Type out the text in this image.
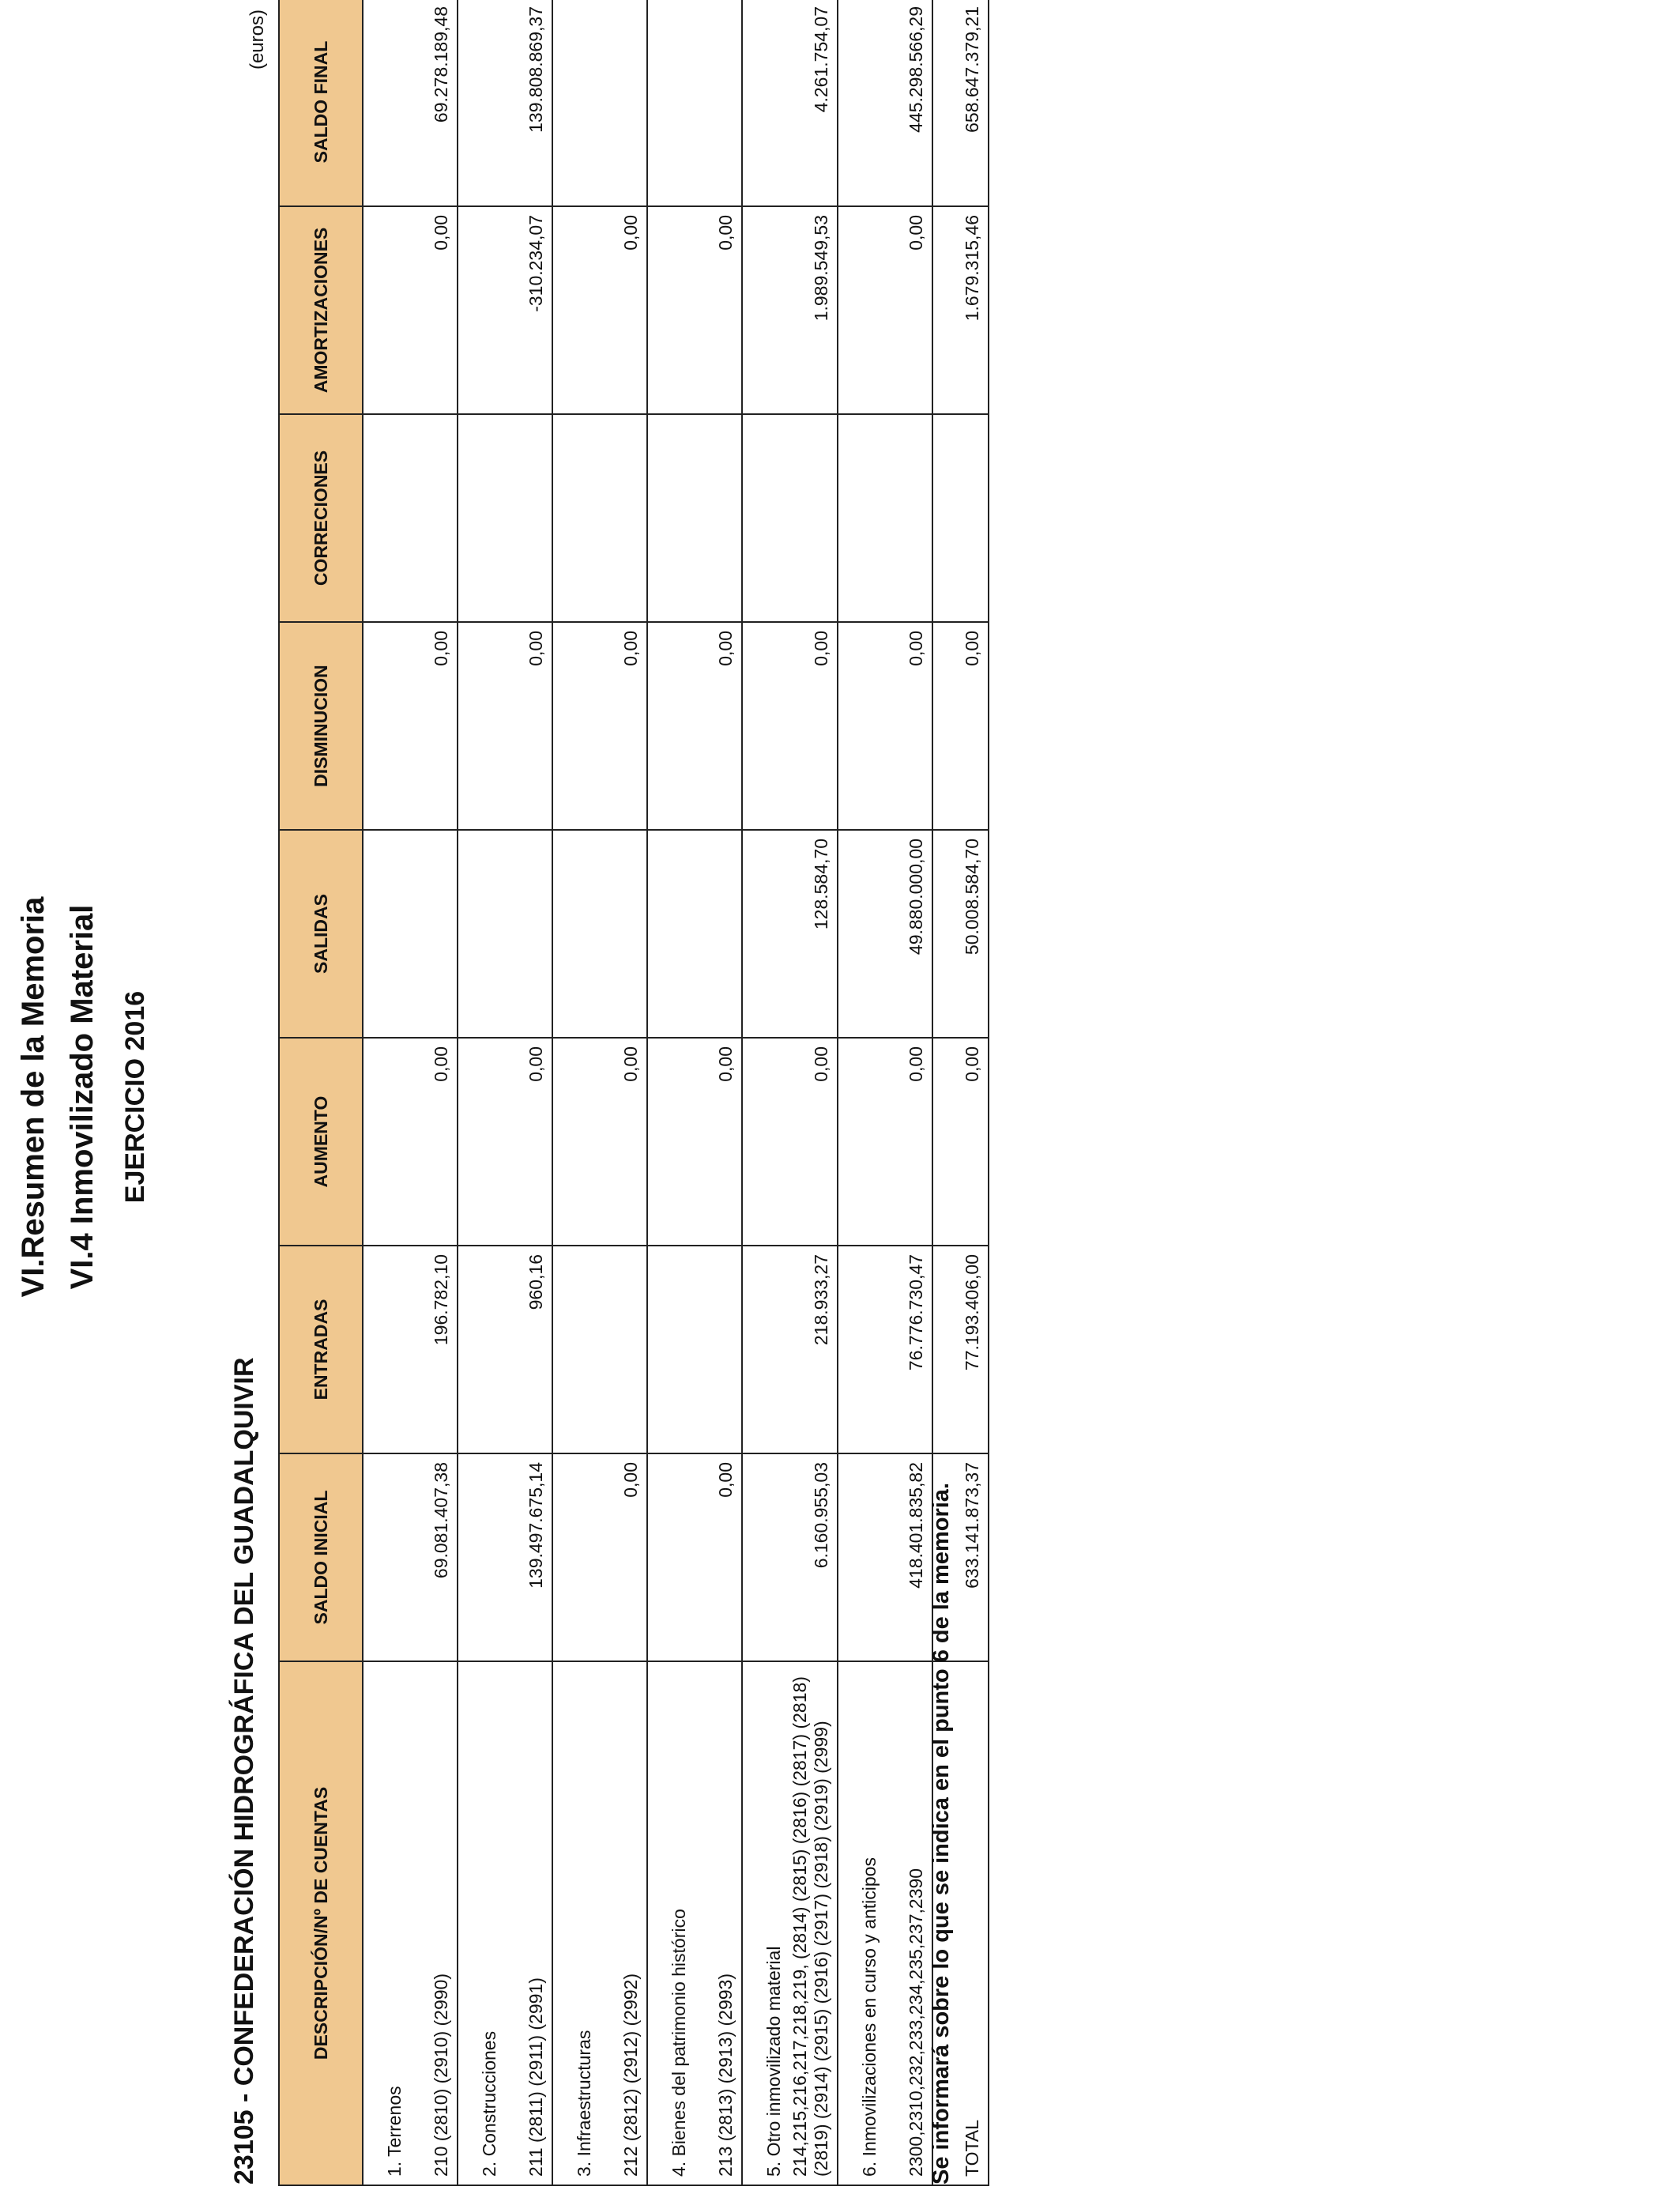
VI.Resumen de la Memoria VI.4 Inmovilizado Material EJERCICIO 2016
23105 - CONFEDERACIÓN HIDROGRÁFICA DEL GUADALQUIVIR
(euros)
DESCRIPCIÓN/Nº DE CUENTAS	SALDO INICIAL	ENTRADAS	AUMENTO	SALIDAS	DISMINUCION	CORRECIONES	AMORTIZACIONES	SALDO FINAL
1. Terrenos								
210 (2810) (2910) (2990)	69.081.407,38	196.782,10	0,00		0,00		0,00	69.278.189,48
2. Construcciones								
211 (2811) (2911) (2991)	139.497.675,14	960,16	0,00		0,00		-310.234,07	139.808.869,37
3. Infraestructuras								
212 (2812) (2912) (2992)	0,00		0,00		0,00		0,00	
4. Bienes del patrimonio histórico								
213 (2813) (2913) (2993)	0,00		0,00		0,00		0,00	
5. Otro inmovilizado material								
214,215,216,217,218,219, (2814) (2815) (2816) (2817) (2818) (2819) (2914) (2915) (2916) (2917) (2918) (2919) (2999)	6.160.955,03	218.933,27	0,00	128.584,70	0,00		1.989.549,53	4.261.754,07
6. Inmovilizaciones en curso y anticipos								
2300,2310,232,233,234,235,237,2390	418.401.835,82	76.776.730,47	0,00	49.880.000,00	0,00		0,00	445.298.566,29
TOTAL	633.141.873,37	77.193.406,00	0,00	50.008.584,70	0,00		1.679.315,46	658.647.379,21
Se informará sobre lo que se indica en el punto 6 de la memoria.
